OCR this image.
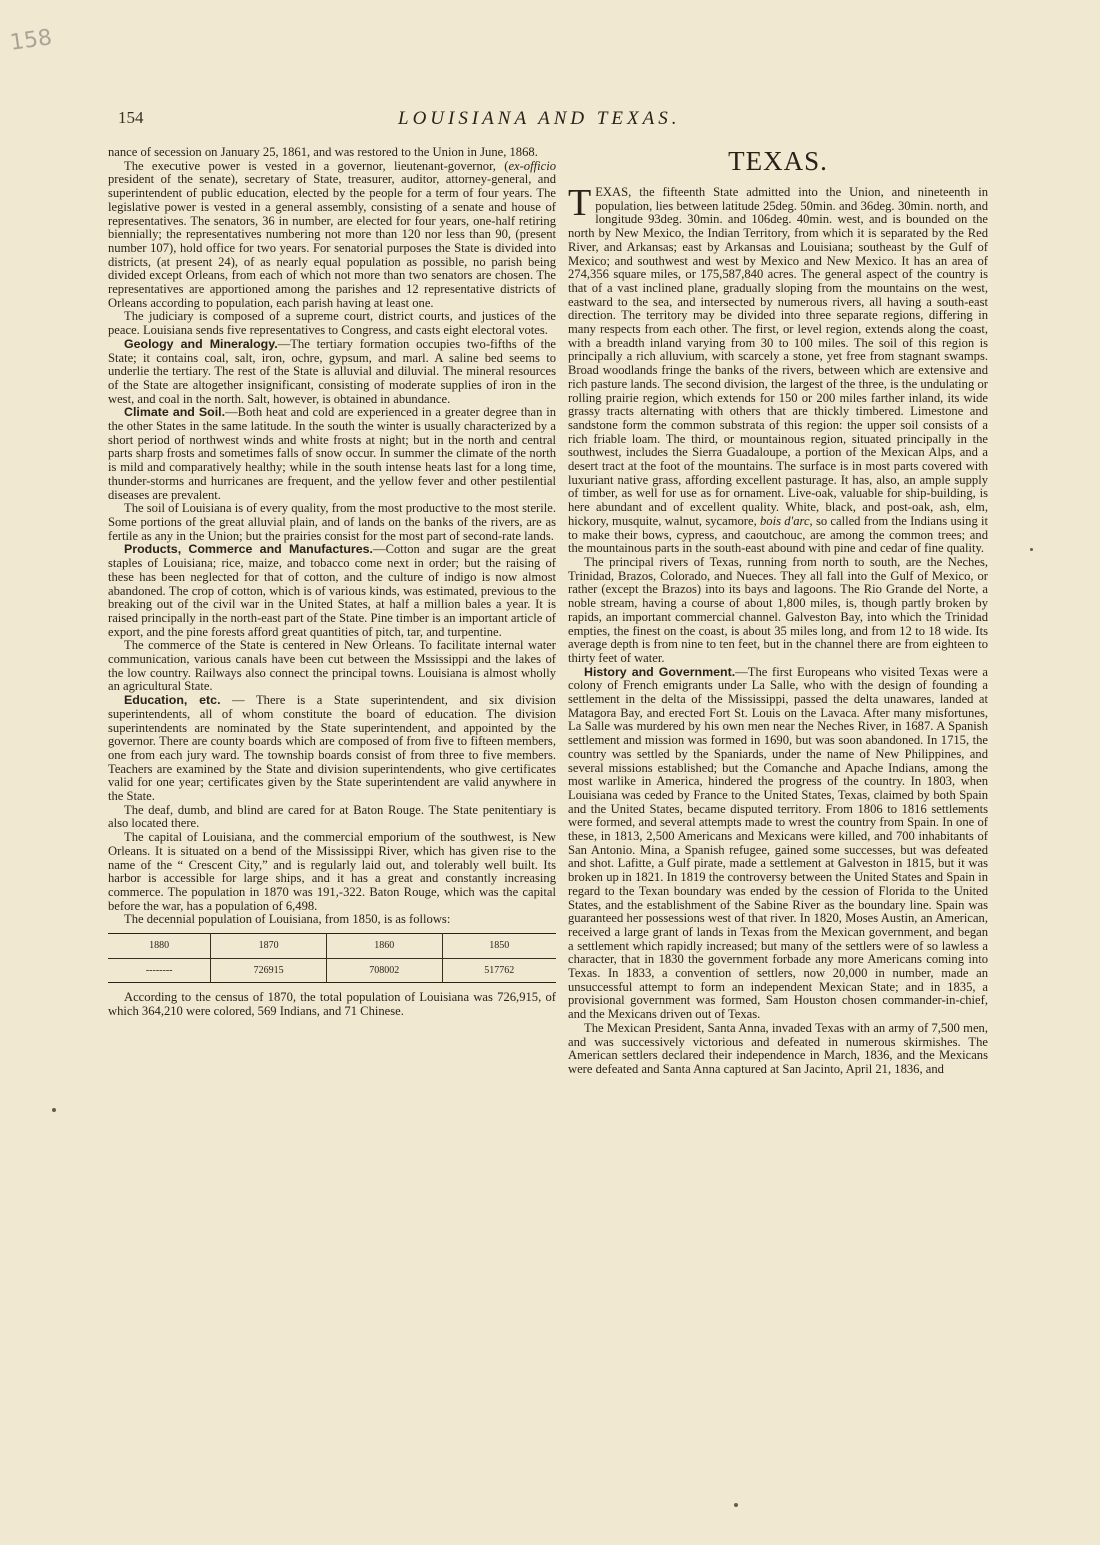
158
154	LOUISIANA AND TEXAS.

nance of secession on January 25, 1861, and was restored to the Union in June, 1868.

The executive power is vested in a governor, lieutenant-governor, (ex-officio president of the senate), secretary of State, treasurer, auditor, attorney-general, and superintendent of public education, elected by the people for a term of four years. The legislative power is vested in a general assembly, consisting of a senate and house of representatives. The senators, 36 in number, are elected for four years, one-half retiring biennially; the representatives numbering not more than 120 nor less than 90, (present number 107), hold office for two years. For senatorial purposes the State is divided into districts, (at present 24), of as nearly equal population as possible, no parish being divided except Orleans, from each of which not more than two senators are chosen. The representatives are apportioned among the parishes and 12 representative districts of Orleans according to population, each parish having at least one.

The judiciary is composed of a supreme court, district courts, and justices of the peace. Louisiana sends five representatives to Congress, and casts eight electoral votes.

Geology and Mineralogy.—The tertiary formation occupies two-fifths of the State; it contains coal, salt, iron, ochre, gypsum, and marl. A saline bed seems to underlie the tertiary. The rest of the State is alluvial and diluvial. The mineral resources of the State are altogether insignificant, consisting of moderate supplies of iron in the west, and coal in the north. Salt, however, is obtained in abundance.

Climate and Soil.—Both heat and cold are experienced in a greater degree than in the other States in the same latitude. In the south the winter is usually characterized by a short period of northwest winds and white frosts at night; but in the north and central parts sharp frosts and sometimes falls of snow occur. In summer the climate of the north is mild and comparatively healthy; while in the south intense heats last for a long time, thunder-storms and hurricanes are frequent, and the yellow fever and other pestilential diseases are prevalent.

The soil of Louisiana is of every quality, from the most productive to the most sterile. Some portions of the great alluvial plain, and of lands on the banks of the rivers, are as fertile as any in the Union; but the prairies consist for the most part of second-rate lands.

Products, Commerce and Manufactures.—Cotton and sugar are the great staples of Louisiana; rice, maize, and tobacco come next in order; but the raising of these has been neglected for that of cotton, and the culture of indigo is now almost abandoned. The crop of cotton, which is of various kinds, was estimated, previous to the breaking out of the civil war in the United States, at half a million bales a year. It is raised principally in the north-east part of the State. Pine timber is an important article of export, and the pine forests afford great quantities of pitch, tar, and turpentine.

The commerce of the State is centered in New Orleans. To facilitate internal water communication, various canals have been cut between the Mssissippi and the lakes of the low country. Railways also connect the principal towns. Louisiana is almost wholly an agricultural State.

Education, etc. — There is a State superintendent, and six division superintendents, all of whom constitute the board of education. The division superintendents are nominated by the State superintendent, and appointed by the governor. There are county boards which are composed of from five to fifteen members, one from each jury ward. The township boards consist of from three to five members. Teachers are examined by the State and division superintendents, who give certificates valid for one year; certificates given by the State superintendent are valid anywhere in the State.

The deaf, dumb, and blind are cared for at Baton Rouge. The State penitentiary is also located there.

The capital of Louisiana, and the commercial emporium of the southwest, is New Orleans. It is situated on a bend of the Mississippi River, which has given rise to the name of the “ Crescent City,” and is regularly laid out, and tolerably well built. Its harbor is accessible for large ships, and it has a great and constantly increasing commerce. The population in 1870 was 191,-322. Baton Rouge, which was the capital before the war, has a population of 6,498.

The decennial population of Louisiana, from 1850, is as follows:

1880	1870	1860	1850
--------	726915	708002	517762

According to the census of 1870, the total population of Louisiana was 726,915, of which 364,210 were colored, 569 Indians, and 71 Chinese.

TEXAS.

TEXAS, the fifteenth State admitted into the Union, and nineteenth in population, lies between latitude 25deg. 50min. and 36deg. 30min. north, and longitude 93deg. 30min. and 106deg. 40min. west, and is bounded on the north by New Mexico, the Indian Territory, from which it is separated by the Red River, and Arkansas; east by Arkansas and Louisiana; southeast by the Gulf of Mexico; and southwest and west by Mexico and New Mexico. It has an area of 274,356 square miles, or 175,587,840 acres. The general aspect of the country is that of a vast inclined plane, gradually sloping from the mountains on the west, eastward to the sea, and intersected by numerous rivers, all having a south-east direction. The territory may be divided into three separate regions, differing in many respects from each other. The first, or level region, extends along the coast, with a breadth inland varying from 30 to 100 miles. The soil of this region is principally a rich alluvium, with scarcely a stone, yet free from stagnant swamps. Broad woodlands fringe the banks of the rivers, between which are extensive and rich pasture lands. The second division, the largest of the three, is the undulating or rolling prairie region, which extends for 150 or 200 miles farther inland, its wide grassy tracts alternating with others that are thickly timbered. Limestone and sandstone form the common substrata of this region: the upper soil consists of a rich friable loam. The third, or mountainous region, situated principally in the southwest, includes the Sierra Guadaloupe, a portion of the Mexican Alps, and a desert tract at the foot of the mountains. The surface is in most parts covered with luxuriant native grass, affording excellent pasturage. It has, also, an ample supply of timber, as well for use as for ornament. Live-oak, valuable for ship-building, is here abundant and of excellent quality. White, black, and post-oak, ash, elm, hickory, musquite, walnut, sycamore, bois d'arc, so called from the Indians using it to make their bows, cypress, and caoutchouc, are among the common trees; and the mountainous parts in the south-east abound with pine and cedar of fine quality.

The principal rivers of Texas, running from north to south, are the Neches, Trinidad, Brazos, Colorado, and Nueces. They all fall into the Gulf of Mexico, or rather (except the Brazos) into its bays and lagoons. The Rio Grande del Norte, a noble stream, having a course of about 1,800 miles, is, though partly broken by rapids, an important commercial channel. Galveston Bay, into which the Trinidad empties, the finest on the coast, is about 35 miles long, and from 12 to 18 wide. Its average depth is from nine to ten feet, but in the channel there are from eighteen to thirty feet of water.

History and Government.—The first Europeans who visited Texas were a colony of French emigrants under La Salle, who with the design of founding a settlement in the delta of the Mississippi, passed the delta unawares, landed at Matagora Bay, and erected Fort St. Louis on the Lavaca. After many misfortunes, La Salle was murdered by his own men near the Neches River, in 1687. A Spanish settlement and mission was formed in 1690, but was soon abandoned. In 1715, the country was settled by the Spaniards, under the name of New Philippines, and several missions established; but the Comanche and Apache Indians, among the most warlike in America, hindered the progress of the country. In 1803, when Louisiana was ceded by France to the United States, Texas, claimed by both Spain and the United States, became disputed territory. From 1806 to 1816 settlements were formed, and several attempts made to wrest the country from Spain. In one of these, in 1813, 2,500 Americans and Mexicans were killed, and 700 inhabitants of San Antonio. Mina, a Spanish refugee, gained some successes, but was defeated and shot. Lafitte, a Gulf pirate, made a settlement at Galveston in 1815, but it was broken up in 1821. In 1819 the controversy between the United States and Spain in regard to the Texan boundary was ended by the cession of Florida to the United States, and the establishment of the Sabine River as the boundary line. Spain was guaranteed her possessions west of that river. In 1820, Moses Austin, an American, received a large grant of lands in Texas from the Mexican government, and began a settlement which rapidly increased; but many of the settlers were of so lawless a character, that in 1830 the government forbade any more Americans coming into Texas. In 1833, a convention of settlers, now 20,000 in number, made an unsuccessful attempt to form an independent Mexican State; and in 1835, a provisional government was formed, Sam Houston chosen commander-in-chief, and the Mexicans driven out of Texas.

The Mexican President, Santa Anna, invaded Texas with an army of 7,500 men, and was successively victorious and defeated in numerous skirmishes. The American settlers declared their independence in March, 1836, and the Mexicans were defeated and Santa Anna captured at San Jacinto, April 21, 1836, and
